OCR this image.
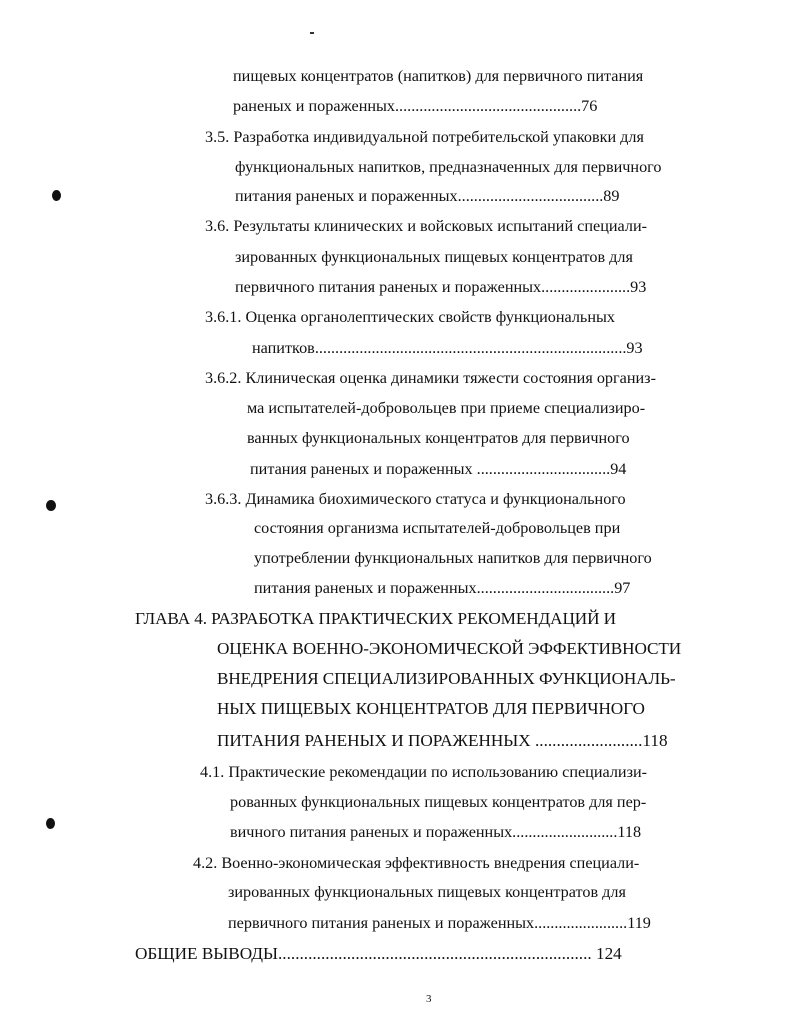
пищевых концентратов (напитков) для первичного питания
раненых и пораженных..............................................76
3.5. Разработка индивидуальной потребительской упаковки для
функциональных напитков, предназначенных для первичного
питания раненых и пораженных....................................89
3.6. Результаты клинических и войсковых испытаний специали-
зированных функциональных пищевых концентратов для
первичного питания раненых и пораженных......................93
3.6.1. Оценка органолептических свойств функциональных
напитков.............................................................................93
3.6.2. Клиническая оценка динамики тяжести состояния организ-
ма испытателей-добровольцев при приеме специализиро-
ванных функциональных концентратов для первичного
питания раненых и пораженных .................................94
3.6.3. Динамика биохимического статуса и функционального
состояния организма испытателей-добровольцев при
употреблении функциональных напитков для первичного
питания раненых и пораженных..................................97
ГЛАВА 4. РАЗРАБОТКА ПРАКТИЧЕСКИХ РЕКОМЕНДАЦИЙ И
ОЦЕНКА ВОЕННО-ЭКОНОМИЧЕСКОЙ ЭФФЕКТИВНОСТИ
ВНЕДРЕНИЯ СПЕЦИАЛИЗИРОВАННЫХ ФУНКЦИОНАЛЬ-
НЫХ ПИЩЕВЫХ КОНЦЕНТРАТОВ ДЛЯ ПЕРВИЧНОГО
ПИТАНИЯ РАНЕНЫХ И ПОРАЖЕННЫХ .........................118
4.1. Практические рекомендации по использованию специализи-
рованных функциональных пищевых концентратов для пер-
вичного питания раненых и пораженных..........................118
4.2. Военно-экономическая эффективность внедрения специали-
зированных функциональных пищевых концентратов для
первичного питания раненых и пораженных.......................119
ОБЩИЕ ВЫВОДЫ......................................................................... 124
3
